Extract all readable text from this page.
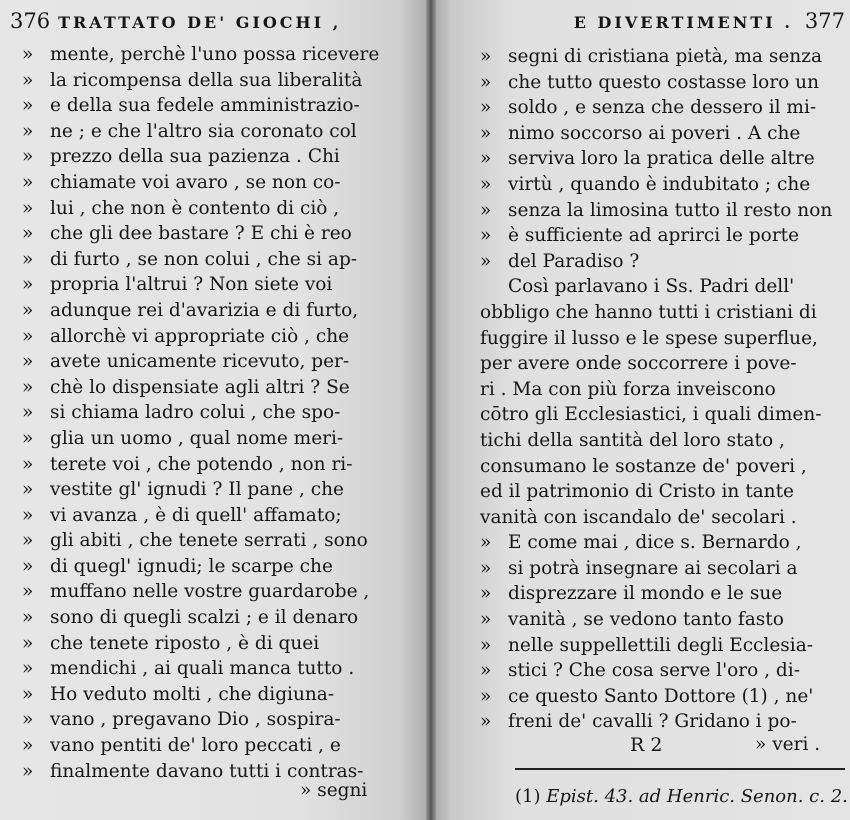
376 TRATTATO DE' GIOCHI ,
» mente, perchè l'uno possa ricevere
» la ricompensa della sua liberalità
» e della sua fedele amministrazio-
» ne ; e che l'altro sia coronato col
» prezzo della sua pazienza . Chi
» chiamate voi avaro , se non co-
» lui , che non è contento di ciò ,
» che gli dee bastare ? E chi è reo
» di furto , se non colui , che si ap-
» propria l'altrui ? Non siete voi
» adunque rei d'avarizia e di furto,
» allorchè vi appropriate ciò , che
» avete unicamente ricevuto, per-
» chè lo dispensiate agli altri ? Se
» si chiama ladro colui , che spo-
» glia un uomo , qual nome meri-
» terete voi , che potendo , non ri-
» vestite gl' ignudi ? Il pane , che
» vi avanza , è di quell' affamato;
» gli abiti , che tenete serrati , sono
» di quegl' ignudi; le scarpe che
» muffano nelle vostre guardarobe ,
» sono di quegli scalzi ; e il denaro
» che tenete riposto , è di quei
» mendichi , ai quali manca tutto .
» Ho veduto molti , che digiuna-
» vano , pregavano Dio , sospira-
» vano pentiti de' loro peccati , e
» finalmente davano tutti i contras-
» segni
E DIVERTIMENTI . 377
» segni di cristiana pietà, ma senza
» che tutto questo costasse loro un
» soldo , e senza che dessero il mi-
» nimo soccorso ai poveri . A che
» serviva loro la pratica delle altre
» virtù , quando è indubitato ; che
» senza la limosina tutto il resto non
» è sufficiente ad aprirci le porte
» del Paradiso ?
Così parlavano i Ss. Padri dell'
obbligo che hanno tutti i cristiani di
fuggire il lusso e le spese superflue,
per avere onde soccorrere i pove-
ri . Ma con più forza inveiscono
cōtro gli Ecclesiastici, i quali dimen-
tichi della santità del loro stato ,
consumano le sostanze de' poveri ,
ed il patrimonio di Cristo in tante
vanità con iscandalo de' secolari .
» E come mai , dice s. Bernardo ,
» si potrà insegnare ai secolari a
» disprezzare il mondo e le sue
» vanità , se vedono tanto fasto
» nelle suppellettili degli Ecclesia-
» stici ? Che cosa serve l'oro , di-
» ce questo Santo Dottore (1) , ne'
» freni de' cavalli ? Gridano i po-
R 2	» veri .
(1) Epist. 43. ad Henric. Senon. c. 2.
